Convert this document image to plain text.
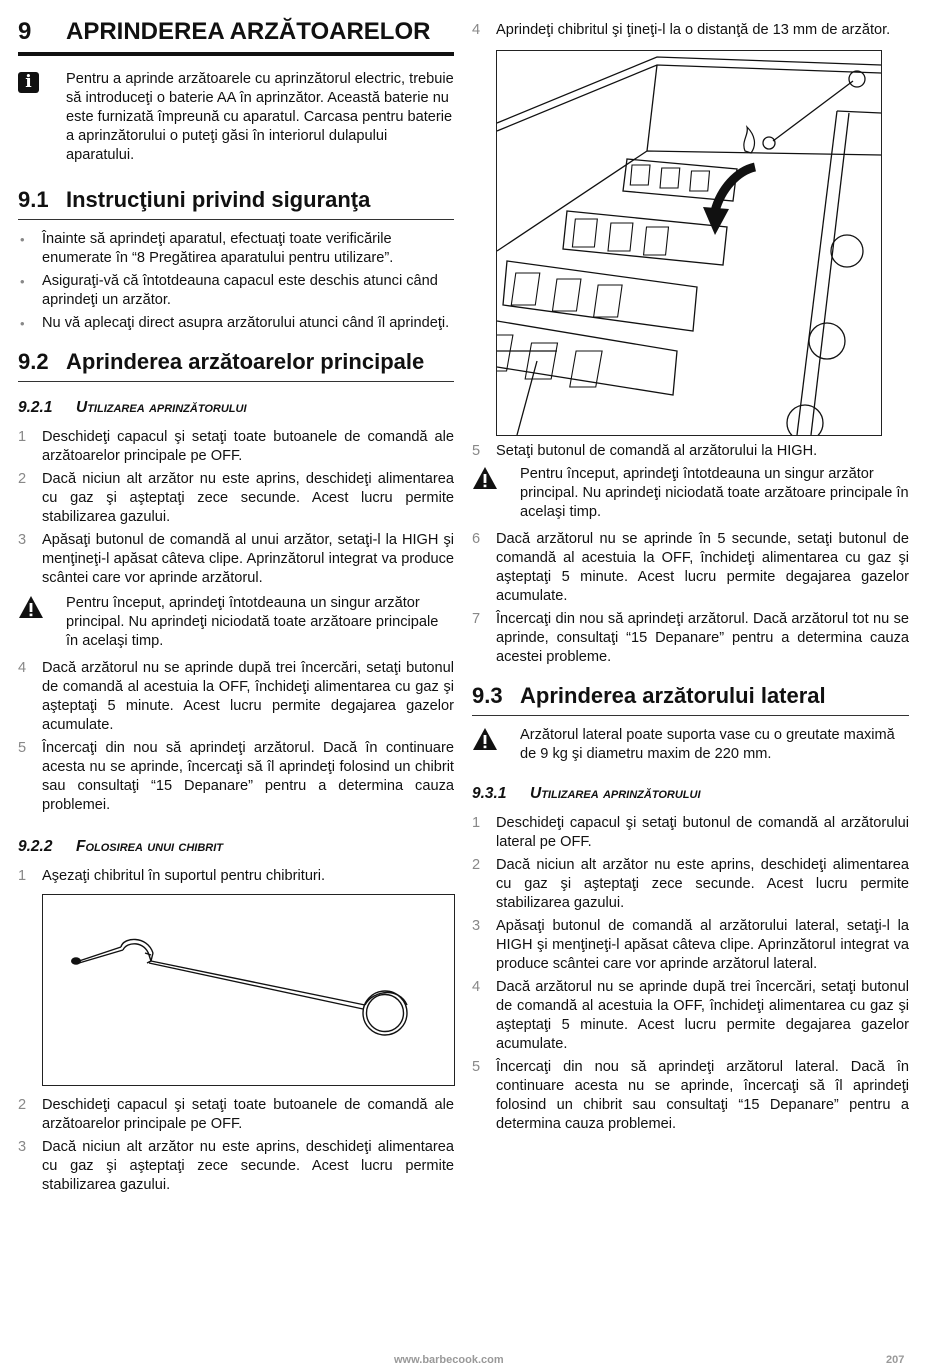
9	APRINDEREA ARZĂTOARELOR
i	Pentru a aprinde arzătoarele cu aprinzătorul electric, trebuie să introduceţi o baterie AA în aprinzător. Această baterie nu este furnizată împreună cu aparatul. Carcasa pentru baterie a aprinzătorului o puteţi găsi în interiorul dulapului aparatului.
9.1 Instrucţiuni privind siguranţa
• Înainte să aprindeţi aparatul, efectuaţi toate verificările enumerate în “8 Pregătirea aparatului pentru utilizare”.
• Asiguraţi-vă că întotdeauna capacul este deschis atunci când aprindeţi un arzător.
• Nu vă aplecaţi direct asupra arzătorului atunci când îl aprindeţi.
9.2 Aprinderea arzătoarelor principale
9.2.1	Utilizarea aprinzătorului
1	Deschideţi capacul şi setaţi toate butoanele de comandă ale arzătoarelor principale pe OFF.
2	Dacă niciun alt arzător nu este aprins, deschideţi alimentarea cu gaz şi aşteptaţi zece secunde. Acest lucru permite stabilizarea gazului.
3	Apăsaţi butonul de comandă al unui arzător, setaţi-l la HIGH şi menţineţi-l apăsat câteva clipe. Aprinzătorul integrat va produce scântei care vor aprinde arzătorul.
Pentru început, aprindeţi întotdeauna un singur arzător principal. Nu aprindeţi niciodată toate arzătoare principale în acelaşi timp.
4	Dacă arzătorul nu se aprinde după trei încercări, setaţi butonul de comandă al acestuia la OFF, închideţi alimentarea cu gaz şi aşteptaţi 5 minute. Acest lucru permite degajarea gazelor acumulate.
5	Încercaţi din nou să aprindeţi arzătorul. Dacă în continuare acesta nu se aprinde, încercaţi să îl aprindeţi folosind un chibrit sau consultaţi “15 Depanare” pentru a determina cauza problemei.
9.2.2	Folosirea unui chibrit
1	Aşezaţi chibritul în suportul pentru chibrituri.
2	Deschideţi capacul şi setaţi toate butoanele de comandă ale arzătoarelor principale pe OFF.
3	Dacă niciun alt arzător nu este aprins, deschideţi alimentarea cu gaz şi aşteptaţi zece secunde. Acest lucru permite stabilizarea gazului.
4	Aprindeţi chibritul şi ţineţi-l la o distanţă de 13 mm de arzător.
5	Setaţi butonul de comandă al arzătorului la HIGH.
Pentru început, aprindeţi întotdeauna un singur arzător principal. Nu aprindeţi niciodată toate arzătoare principale în acelaşi timp.
6	Dacă arzătorul nu se aprinde în 5 secunde, setaţi butonul de comandă al acestuia la OFF, închideţi alimentarea cu gaz şi aşteptaţi 5 minute. Acest lucru permite degajarea gazelor acumulate.
7	Încercaţi din nou să aprindeţi arzătorul. Dacă arzătorul tot nu se aprinde, consultaţi “15 Depanare” pentru a determina cauza acestei probleme.
9.3 Aprinderea arzătorului lateral
Arzătorul lateral poate suporta vase cu o greutate maximă de 9 kg şi diametru maxim de 220 mm.
9.3.1	Utilizarea aprinzătorului
1	Deschideţi capacul şi setaţi butonul de comandă al arzătorului lateral pe OFF.
2	Dacă niciun alt arzător nu este aprins, deschideţi alimentarea cu gaz şi aşteptaţi zece secunde. Acest lucru permite stabilizarea gazului.
3	Apăsaţi butonul de comandă al arzătorului lateral, setaţi-l la HIGH şi menţineţi-l apăsat câteva clipe. Aprinzătorul integrat va produce scântei care vor aprinde arzătorul lateral.
4	Dacă arzătorul nu se aprinde după trei încercări, setaţi butonul de comandă al acestuia la OFF, închideţi alimentarea cu gaz şi aşteptaţi 5 minute. Acest lucru permite degajarea gazelor acumulate.
5	Încercaţi din nou să aprindeţi arzătorul lateral. Dacă în continuare acesta nu se aprinde, încercaţi să îl aprindeţi folosind un chibrit sau consultaţi “15 Depanare” pentru a determina cauza problemei.
www.barbecook.com	207
